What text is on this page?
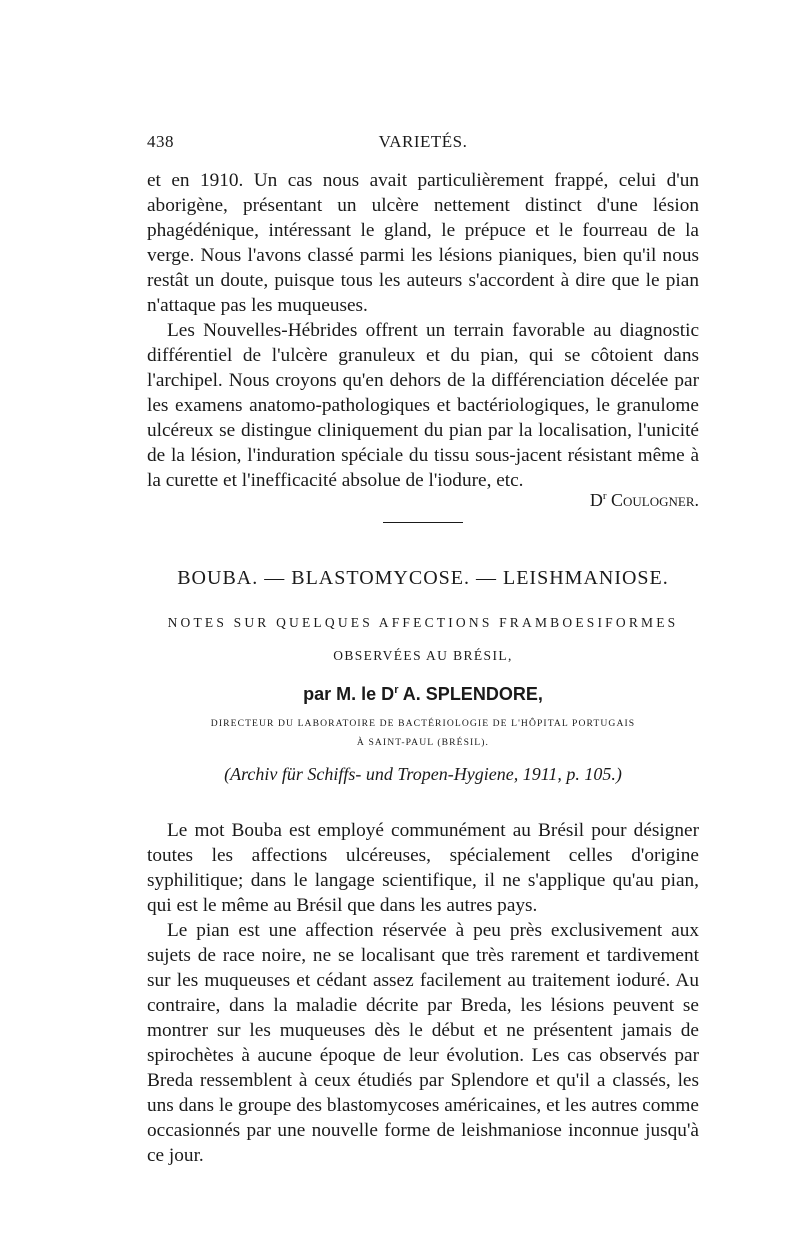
438	VARIETÉS.

et en 1910. Un cas nous avait particulièrement frappé, celui d'un aborigène, présentant un ulcère nettement distinct d'une lésion phagédénique, intéressant le gland, le prépuce et le fourreau de la verge. Nous l'avons classé parmi les lésions pianiques, bien qu'il nous restât un doute, puisque tous les auteurs s'accordent à dire que le pian n'attaque pas les muqueuses.

Les Nouvelles-Hébrides offrent un terrain favorable au diagnostic différentiel de l'ulcère granuleux et du pian, qui se côtoient dans l'archipel. Nous croyons qu'en dehors de la différenciation décelée par les examens anatomo-pathologiques et bactériologiques, le granulome ulcéreux se distingue cliniquement du pian par la localisation, l'unicité de la lésion, l'induration spéciale du tissu sous-jacent résistant même à la curette et l'inefficacité absolue de l'iodure, etc.

$D^r$ Coulogner.
BOUBA. — BLASTOMYCOSE. — LEISHMANIOSE.
NOTES SUR QUELQUES AFFECTIONS FRAMBOESIFORMES
OBSERVÉES AU BRÉSIL,
par M. le $D^r$ A. SPLENDORE,
DIRECTEUR DU LABORATOIRE DE BACTÉRIOLOGIE DE L'HÔPITAL PORTUGAIS
À SAINT-PAUL (BRÉSIL).
(Archiv für Schiffs- und Tropen-Hygiene, 1911, p. 105.)

Le mot Bouba est employé communément au Brésil pour désigner toutes les affections ulcéreuses, spécialement celles d'origine syphilitique; dans le langage scientifique, il ne s'applique qu'au pian, qui est le même au Brésil que dans les autres pays.

Le pian est une affection réservée à peu près exclusivement aux sujets de race noire, ne se localisant que très rarement et tardivement sur les muqueuses et cédant assez facilement au traitement ioduré. Au contraire, dans la maladie décrite par Breda, les lésions peuvent se montrer sur les muqueuses dès le début et ne présentent jamais de spirochètes à aucune époque de leur évolution. Les cas observés par Breda ressemblent à ceux étudiés par Splendore et qu'il a classés, les uns dans le groupe des blastomycoses américaines, et les autres comme occasionnés par une nouvelle forme de leishmaniose inconnue jusqu'à ce jour.
